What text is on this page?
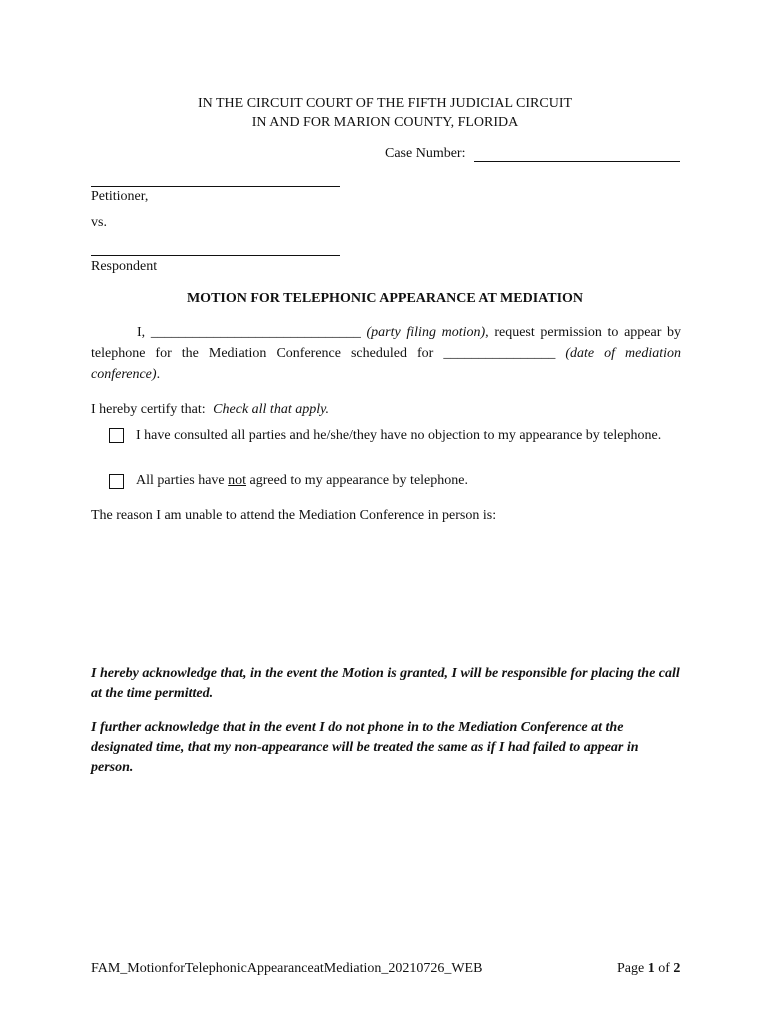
IN THE CIRCUIT COURT OF THE FIFTH JUDICIAL CIRCUIT
IN AND FOR MARION COUNTY, FLORIDA
Case Number:
Petitioner,
vs.
Respondent
MOTION FOR TELEPHONIC APPEARANCE AT MEDIATION
I, ______________________________ (party filing motion), request permission to appear by telephone for the Mediation Conference scheduled for ________________ (date of mediation conference).
I hereby certify that: Check all that apply.
I have consulted all parties and he/she/they have no objection to my appearance by telephone.
All parties have not agreed to my appearance by telephone.
The reason I am unable to attend the Mediation Conference in person is:
I hereby acknowledge that, in the event the Motion is granted, I will be responsible for placing the call at the time permitted.
I further acknowledge that in the event I do not phone in to the Mediation Conference at the designated time, that my non-appearance will be treated the same as if I had failed to appear in person.
FAM_MotionforTelephonicAppearanceatMediation_20210726_WEB	Page 1 of 2
